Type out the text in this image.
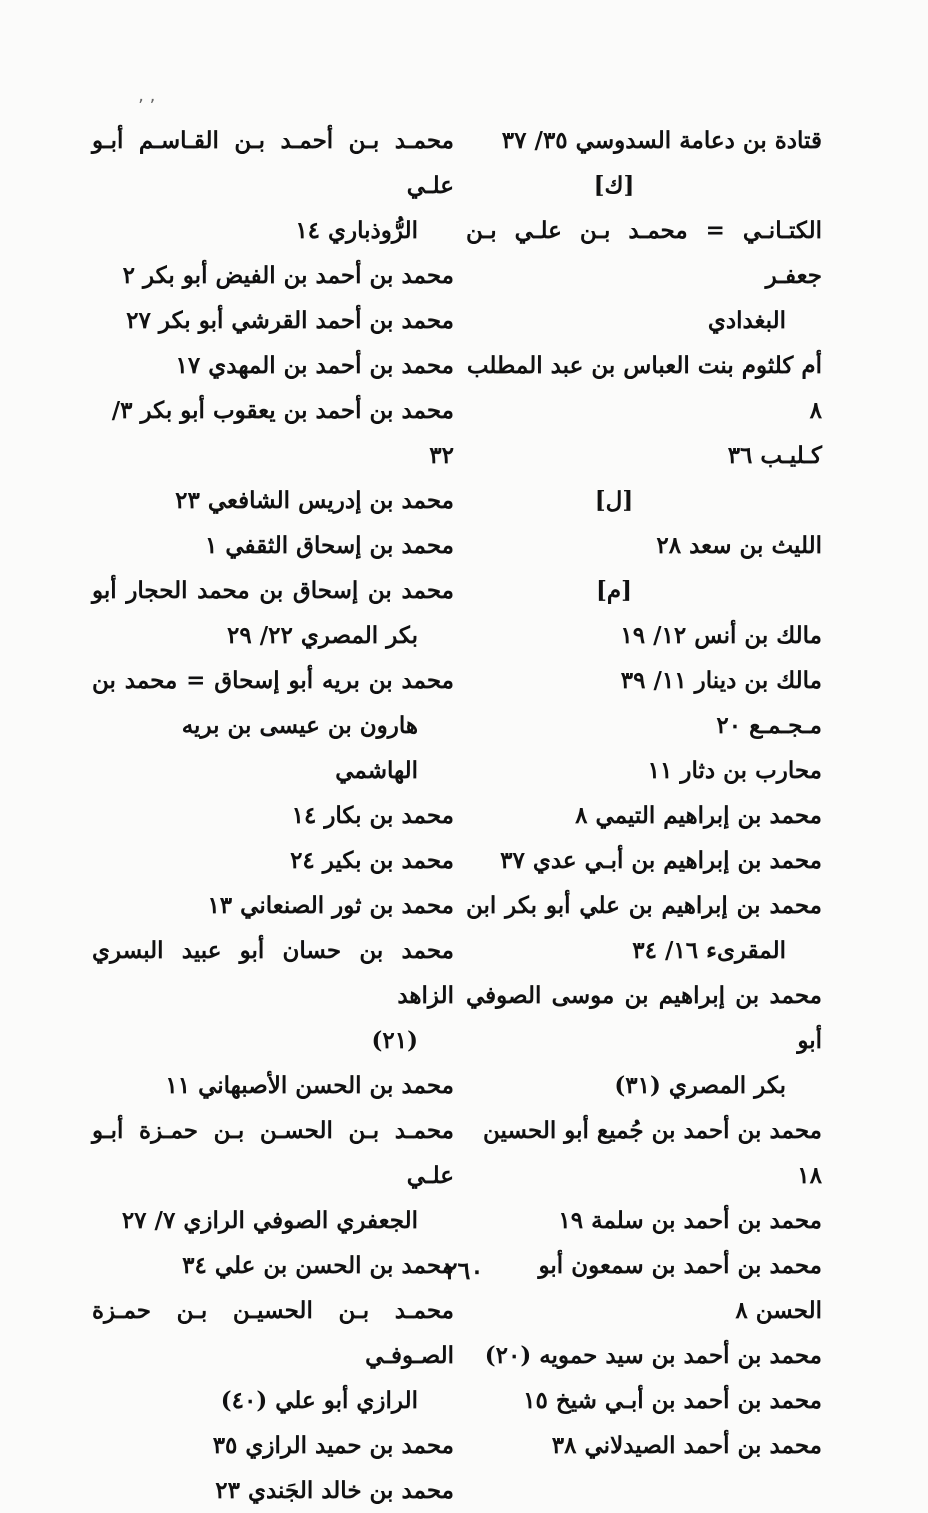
٬ ٬
قتادة بن دعامة السدوسي ٣٥/ ٣٧
[ك]
الكتـانـي = محمـد بـن علـي بـن جعفـر
البغدادي
أم كلثوم بنت العباس بن عبد المطلب ٨
كـليـب ٣٦
[ل]
الليث بن سعد ٢٨
[م]
مالك بن أنس ١٢/ ١٩
مالك بن دينار ١١/ ٣٩
مـجـمـع ٢٠
محارب بن دثار ١١
محمد بن إبراهيم التيمي ٨
محمد بن إبراهيم بن أبـي عدي ٣٧
محمد بن إبراهيم بن علي أبو بكر ابن
المقرىء ١٦/ ٣٤
محمد بن إبراهيم بن موسى الصوفي أبو
بكر المصري (٣١)
محمد بن أحمد بن جُميع أبو الحسين ١٨
محمد بن أحمد بن سلمة ١٩
محمد بن أحمد بن سمعون أبو الحسن ٨
محمد بن أحمد بن سيد حمويه (٢٠)
محمد بن أحمد بن أبـي شيخ ١٥
محمد بن أحمد الصيدلاني ٣٨
محمـد بـن أحمـد بـن القـاسـم أبـو علـي
الرُّوذباري ١٤
محمد بن أحمد بن الفيض أبو بكر ٢
محمد بن أحمد القرشي أبو بكر ٢٧
محمد بن أحمد بن المهدي ١٧
محمد بن أحمد بن يعقوب أبو بكر ٣/ ٣٢
محمد بن إدريس الشافعي ٢٣
محمد بن إسحاق الثقفي ١
محمد بن إسحاق بن محمد الحجار أبو
بكر المصري ٢٢/ ٢٩
محمد بن بريه أبو إسحاق = محمد بن
هارون بن عيسى بن بريه الهاشمي
محمد بن بكار ١٤
محمد بن بكير ٢٤
محمد بن ثور الصنعاني ١٣
محمد بن حسان أبو عبيد البسري الزاهد
(٢١)
محمد بن الحسن الأصبهاني ١١
محمـد بـن الحسـن بـن حمـزة أبـو علـي
الجعفري الصوفي الرازي ٧/ ٢٧
محمد بن الحسن بن علي ٣٤
محمـد بـن الحسيـن بـن حمـزة الصـوفـي
الرازي أبو علي (٤٠)
محمد بن حميد الرازي ٣٥
محمد بن خالد الجَندي ٢٣
٢٦٠
